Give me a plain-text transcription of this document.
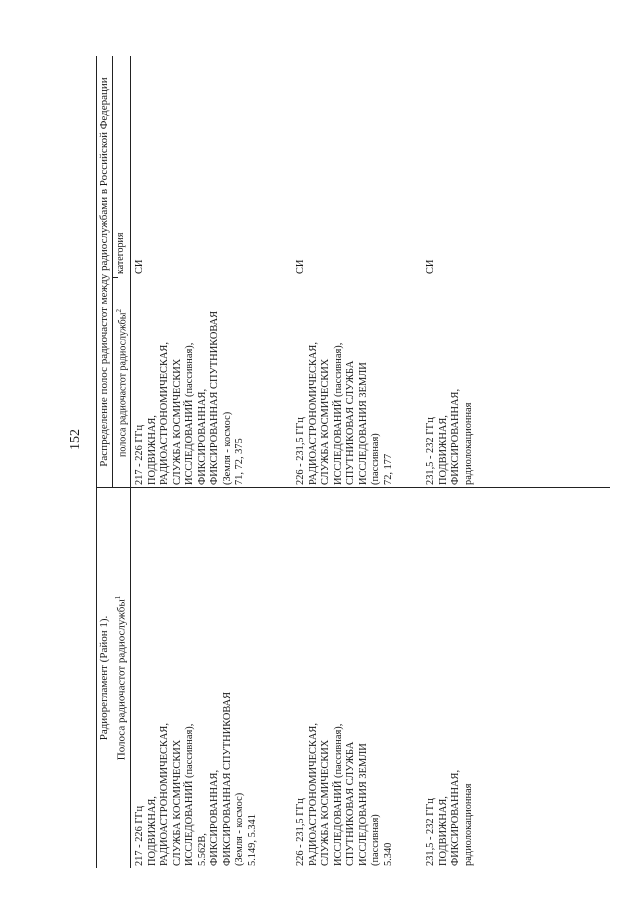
152
Радиорегламент (Район 1). Полоса радиочастот радиослужбы$^1$
Распределение полос радиочастот между радиослужбами в Российской Федерации полоса радиочастот радиослужбы$^2$
категория
217 - 226 ГГц ПОДВИЖНАЯ, РАДИОАСТРОНОМИЧЕСКАЯ, СЛУЖБА КОСМИЧЕСКИХ ИССЛЕДОВАНИЙ (пассивная), 5.562В, ФИКСИРОВАННАЯ, ФИКСИРОВАННАЯ СПУТНИКОВАЯ (Земля - космос) 5.149, 5.341
217 - 226 ГГц ПОДВИЖНАЯ, РАДИОАСТРОНОМИЧЕСКАЯ, СЛУЖБА КОСМИЧЕСКИХ ИССЛЕДОВАНИЙ (пассивная), ФИКСИРОВАННАЯ, ФИКСИРОВАННАЯ СПУТНИКОВАЯ (Земля - космос) 71, 72, 375
СИ
226 - 231,5 ГГц РАДИОАСТРОНОМИЧЕСКАЯ, СЛУЖБА КОСМИЧЕСКИХ ИССЛЕДОВАНИЙ (пассивная), СПУТНИКОВАЯ СЛУЖБА ИССЛЕДОВАНИЯ ЗЕМЛИ (пассивная) 5.340
226 - 231,5 ГГц РАДИОАСТРОНОМИЧЕСКАЯ, СЛУЖБА КОСМИЧЕСКИХ ИССЛЕДОВАНИЙ (пассивная), СПУТНИКОВАЯ СЛУЖБА ИССЛЕДОВАНИЯ ЗЕМЛИ (пассивная) 72, 177
СИ
231,5 - 232 ГГц ПОДВИЖНАЯ, ФИКСИРОВАННАЯ, радиолокационная
231,5 - 232 ГГц ПОДВИЖНАЯ, ФИКСИРОВАННАЯ, радиолокационная
СИ
